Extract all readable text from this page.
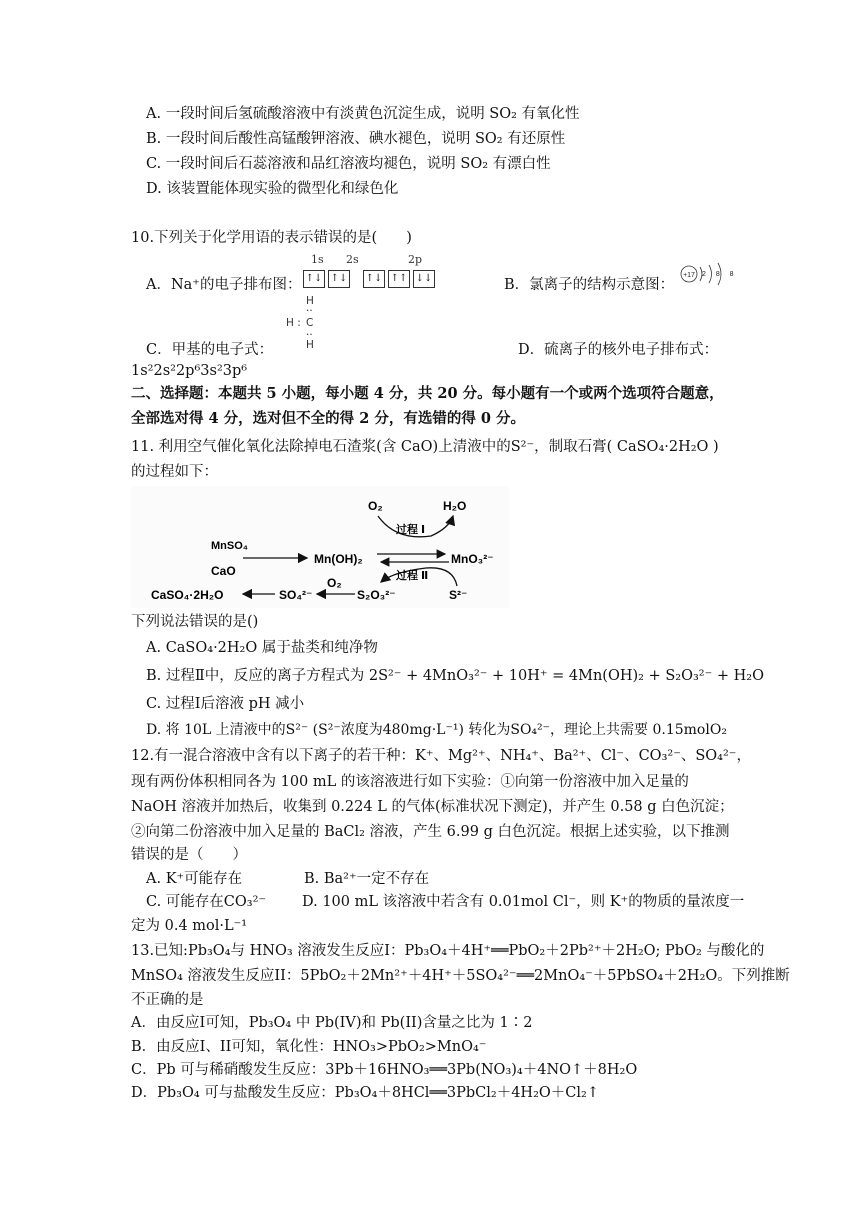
A. 一段时间后氢硫酸溶液中有淡黄色沉淀生成，说明 SO₂ 有氧化性
B. 一段时间后酸性高锰酸钾溶液、碘水褪色，说明 SO₂ 有还原性
C. 一段时间后石蕊溶液和品红溶液均褪色，说明 SO₂ 有漂白性
D. 该装置能体现实验的微型化和绿色化
10.下列关于化学用语的表示错误的是(　　)
1s 2s	2p
A．Na⁺的电子排布图： ↑↓ ↑↓ ↑↓ ↑↑ ↓↓	B．氯离子的结构示意图：
+17 2 8 8
H
··
H : C
··
H
C．甲基的电子式：	D．硫离子的核外电子排布式：
1s²2s²2p⁶3s²3p⁶
二、选择题：本题共 5 小题，每小题 4 分，共 20 分。每小题有一个或两个选项符合题意，
全部选对得 4 分，选对但不全的得 2 分，有选错的得 0 分。
11. 利用空气催化氧化法除掉电石渣浆(含 CaO)上清液中的S²⁻，制取石膏( CaSO₄·2H₂O )
的过程如下：
O₂	H₂O
过程 Ⅰ
MnSO₄
CaO
Mn(OH)₂	MnO₃²⁻
过程 Ⅱ
O₂
CaSO₄·2H₂O	SO₄²⁻	S₂O₃²⁻	S²⁻
下列说法错误的是()
A. CaSO₄·2H₂O 属于盐类和纯净物
B. 过程Ⅱ中，反应的离子方程式为 2S²⁻ + 4MnO₃²⁻ + 10H⁺ = 4Mn(OH)₂ + S₂O₃²⁻ + H₂O
C. 过程Ⅰ后溶液 pH 减小
D. 将 10L 上清液中的S²⁻ (S²⁻浓度为480mg·L⁻¹) 转化为SO₄²⁻，理论上共需要 0.15molO₂
12.有一混合溶液中含有以下离子的若干种：K⁺、Mg²⁺、NH₄⁺、Ba²⁺、Cl⁻、CO₃²⁻、SO₄²⁻，
现有两份体积相同各为 100 mL 的该溶液进行如下实验：①向第一份溶液中加入足量的
NaOH 溶液并加热后，收集到 0.224 L 的气体(标准状况下测定)，并产生 0.58 g 白色沉淀；
②向第二份溶液中加入足量的 BaCl₂ 溶液，产生 6.99 g 白色沉淀。根据上述实验，以下推测
错误的是（　　）
A. K⁺可能存在	B. Ba²⁺一定不存在
C. 可能存在CO₃²⁻ D. 100 mL 该溶液中若含有 0.01mol Cl⁻，则 K⁺的物质的量浓度一
定为 0.4 mol·L⁻¹
13.已知:Pb₃O₄与 HNO₃ 溶液发生反应I：Pb₃O₄＋4H⁺══PbO₂＋2Pb²⁺＋2H₂O; PbO₂ 与酸化的
MnSO₄ 溶液发生反应II：5PbO₂＋2Mn²⁺＋4H⁺＋5SO₄²⁻══2MnO₄⁻＋5PbSO₄＋2H₂O。下列推断
不正确的是
A．由反应I可知，Pb₃O₄ 中 Pb(IV)和 Pb(II)含量之比为 1∶2
B．由反应I、II可知，氧化性：HNO₃>PbO₂>MnO₄⁻
C．Pb 可与稀硝酸发生反应：3Pb＋16HNO₃══3Pb(NO₃)₄＋4NO↑＋8H₂O
D．Pb₃O₄ 可与盐酸发生反应：Pb₃O₄＋8HCl══3PbCl₂＋4H₂O＋Cl₂↑
